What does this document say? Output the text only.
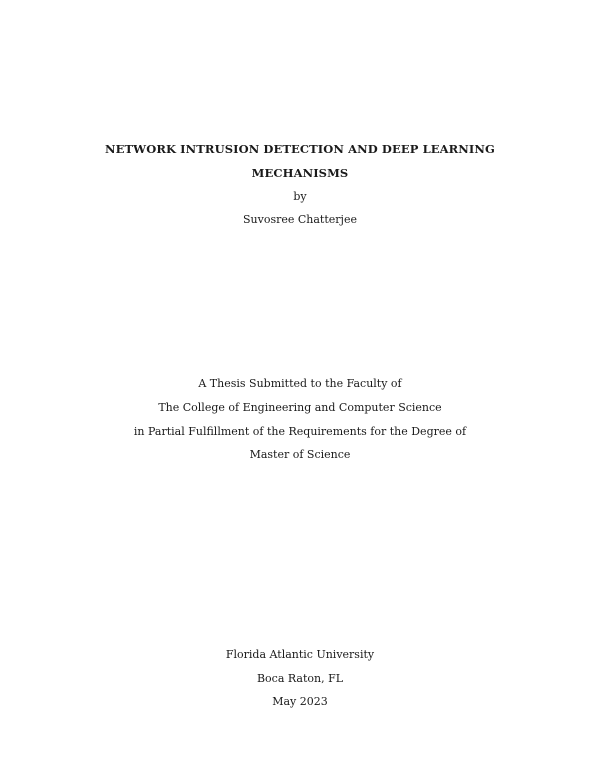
NETWORK INTRUSION DETECTION AND DEEP LEARNING
MECHANISMS
by
Suvosree Chatterjee
A Thesis Submitted to the Faculty of
The College of Engineering and Computer Science
in Partial Fulfillment of the Requirements for the Degree of
Master of Science
Florida Atlantic University
Boca Raton, FL
May 2023
